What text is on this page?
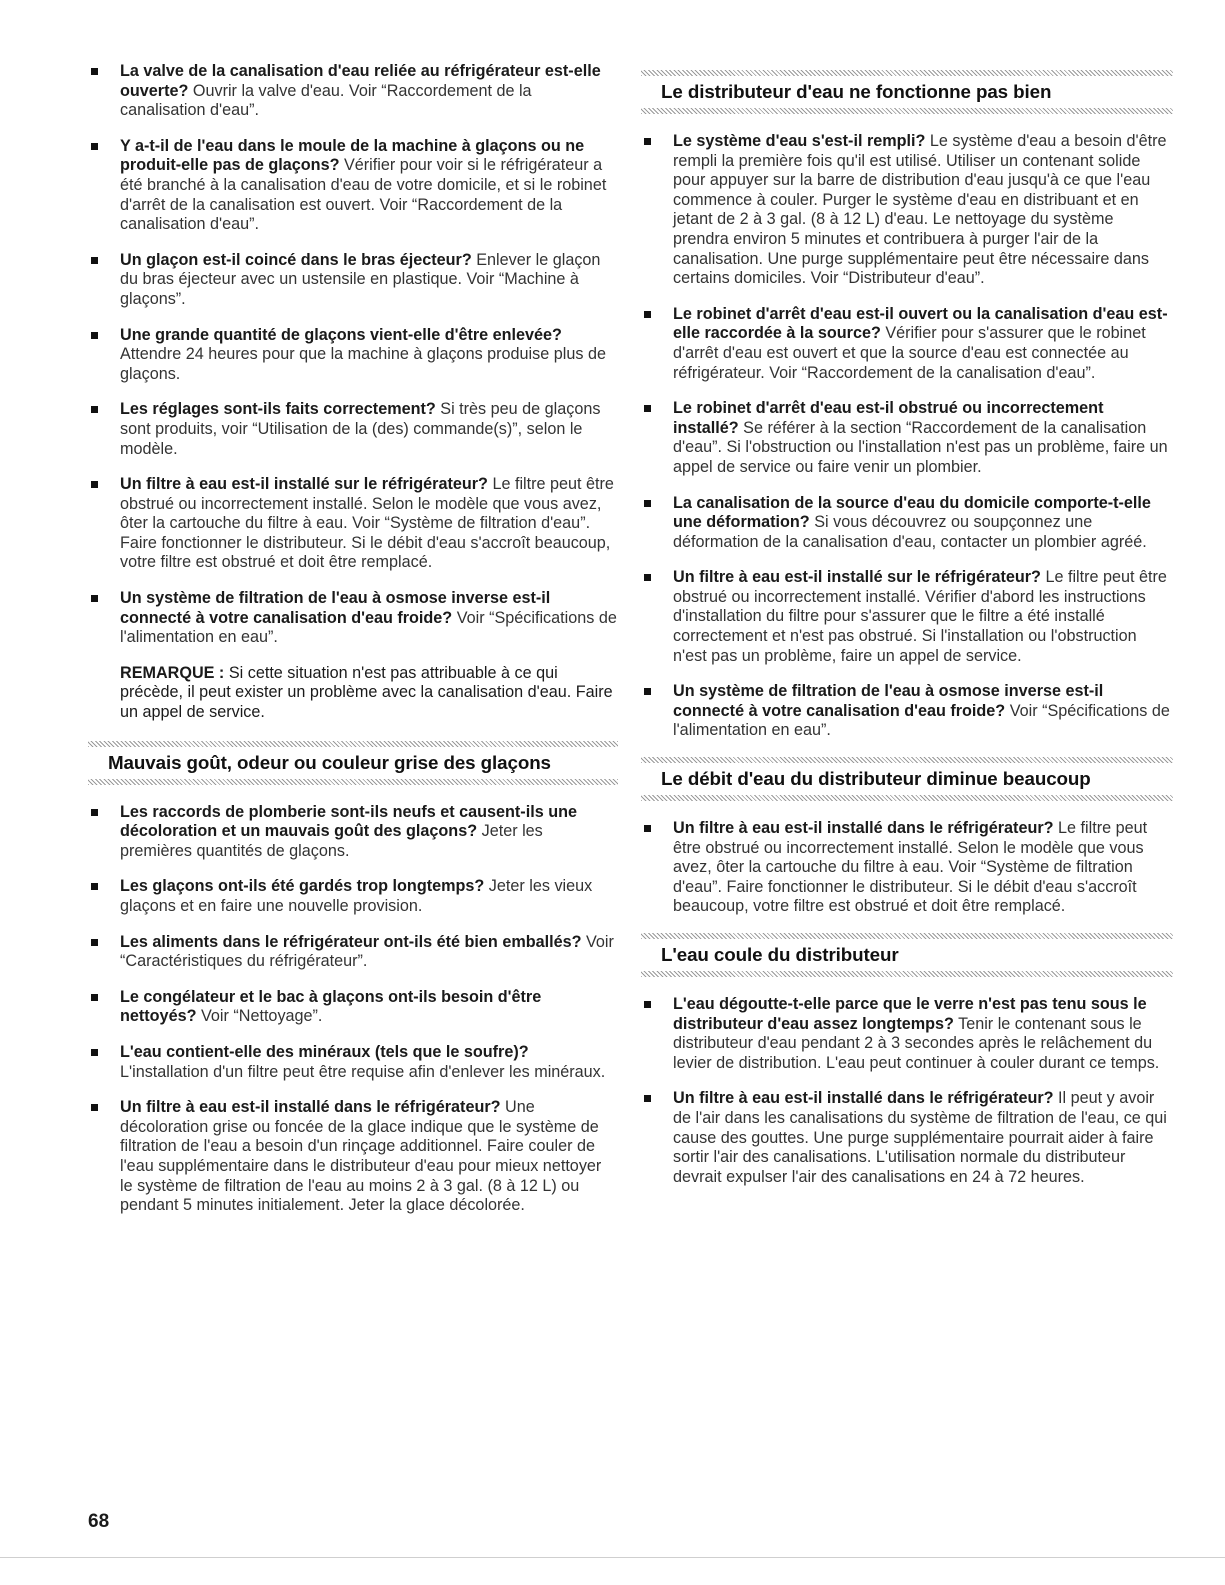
La valve de la canalisation d'eau reliée au réfrigérateur est-elle ouverte? Ouvrir la valve d'eau. Voir “Raccordement de la canalisation d'eau”.
Y a-t-il de l'eau dans le moule de la machine à glaçons ou ne produit-elle pas de glaçons? Vérifier pour voir si le réfrigérateur a été branché à la canalisation d'eau de votre domicile, et si le robinet d'arrêt de la canalisation est ouvert. Voir “Raccordement de la canalisation d'eau”.
Un glaçon est-il coincé dans le bras éjecteur? Enlever le glaçon du bras éjecteur avec un ustensile en plastique. Voir “Machine à glaçons”.
Une grande quantité de glaçons vient-elle d'être enlevée? Attendre 24 heures pour que la machine à glaçons produise plus de glaçons.
Les réglages sont-ils faits correctement? Si très peu de glaçons sont produits, voir “Utilisation de la (des) commande(s)”, selon le modèle.
Un filtre à eau est-il installé sur le réfrigérateur? Le filtre peut être obstrué ou incorrectement installé. Selon le modèle que vous avez, ôter la cartouche du filtre à eau. Voir “Système de filtration d'eau”. Faire fonctionner le distributeur. Si le débit d'eau s'accroît beaucoup, votre filtre est obstrué et doit être remplacé.
Un système de filtration de l'eau à osmose inverse est-il connecté à votre canalisation d'eau froide? Voir “Spécifications de l'alimentation en eau”.
REMARQUE : Si cette situation n'est pas attribuable à ce qui précède, il peut exister un problème avec la canalisation d'eau. Faire un appel de service.
Mauvais goût, odeur ou couleur grise des glaçons
Les raccords de plomberie sont-ils neufs et causent-ils une décoloration et un mauvais goût des glaçons? Jeter les premières quantités de glaçons.
Les glaçons ont-ils été gardés trop longtemps? Jeter les vieux glaçons et en faire une nouvelle provision.
Les aliments dans le réfrigérateur ont-ils été bien emballés? Voir “Caractéristiques du réfrigérateur”.
Le congélateur et le bac à glaçons ont-ils besoin d'être nettoyés? Voir “Nettoyage”.
L'eau contient-elle des minéraux (tels que le soufre)? L'installation d'un filtre peut être requise afin d'enlever les minéraux.
Un filtre à eau est-il installé dans le réfrigérateur? Une décoloration grise ou foncée de la glace indique que le système de filtration de l'eau a besoin d'un rinçage additionnel. Faire couler de l'eau supplémentaire dans le distributeur d'eau pour mieux nettoyer le système de filtration de l'eau au moins 2 à 3 gal. (8 à 12 L) ou pendant 5 minutes initialement. Jeter la glace décolorée.
Le distributeur d'eau ne fonctionne pas bien
Le système d'eau s'est-il rempli? Le système d'eau a besoin d'être rempli la première fois qu'il est utilisé. Utiliser un contenant solide pour appuyer sur la barre de distribution d'eau jusqu'à ce que l'eau commence à couler. Purger le système d'eau en distribuant et en jetant de 2 à 3 gal. (8 à 12 L) d'eau. Le nettoyage du système prendra environ 5 minutes et contribuera à purger l'air de la canalisation. Une purge supplémentaire peut être nécessaire dans certains domiciles. Voir “Distributeur d'eau”.
Le robinet d'arrêt d'eau est-il ouvert ou la canalisation d'eau est-elle raccordée à la source? Vérifier pour s'assurer que le robinet d'arrêt d'eau est ouvert et que la source d'eau est connectée au réfrigérateur. Voir “Raccordement de la canalisation d'eau”.
Le robinet d'arrêt d'eau est-il obstrué ou incorrectement installé? Se référer à la section “Raccordement de la canalisation d'eau”. Si l'obstruction ou l'installation n'est pas un problème, faire un appel de service ou faire venir un plombier.
La canalisation de la source d'eau du domicile comporte-t-elle une déformation? Si vous découvrez ou soupçonnez une déformation de la canalisation d'eau, contacter un plombier agréé.
Un filtre à eau est-il installé sur le réfrigérateur? Le filtre peut être obstrué ou incorrectement installé. Vérifier d'abord les instructions d'installation du filtre pour s'assurer que le filtre a été installé correctement et n'est pas obstrué. Si l'installation ou l'obstruction n'est pas un problème, faire un appel de service.
Un système de filtration de l'eau à osmose inverse est-il connecté à votre canalisation d'eau froide? Voir “Spécifications de l'alimentation en eau”.
Le débit d'eau du distributeur diminue beaucoup
Un filtre à eau est-il installé dans le réfrigérateur? Le filtre peut être obstrué ou incorrectement installé. Selon le modèle que vous avez, ôter la cartouche du filtre à eau. Voir “Système de filtration d'eau”. Faire fonctionner le distributeur. Si le débit d'eau s'accroît beaucoup, votre filtre est obstrué et doit être remplacé.
L'eau coule du distributeur
L'eau dégoutte-t-elle parce que le verre n'est pas tenu sous le distributeur d'eau assez longtemps? Tenir le contenant sous le distributeur d'eau pendant 2 à 3 secondes après le relâchement du levier de distribution. L'eau peut continuer à couler durant ce temps.
Un filtre à eau est-il installé dans le réfrigérateur? Il peut y avoir de l'air dans les canalisations du système de filtration de l'eau, ce qui cause des gouttes. Une purge supplémentaire pourrait aider à faire sortir l'air des canalisations. L'utilisation normale du distributeur devrait expulser l'air des canalisations en 24 à 72 heures.
68
